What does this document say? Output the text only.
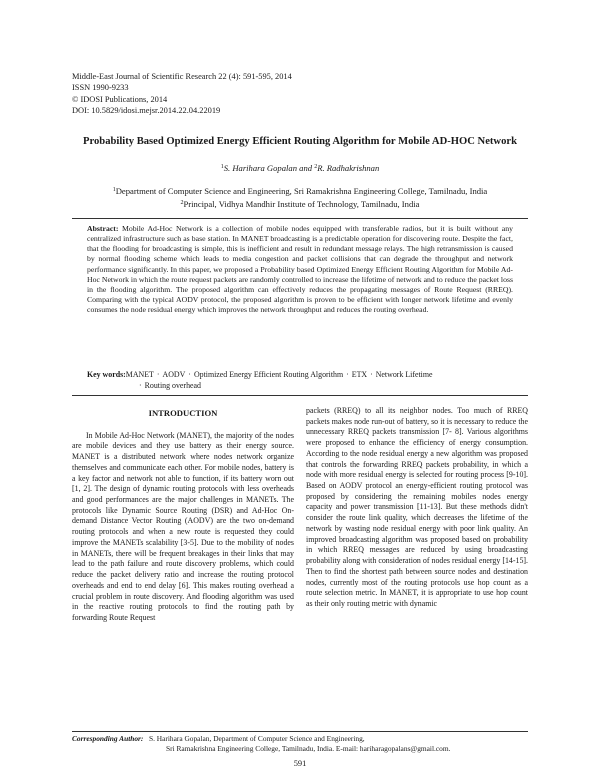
Middle-East Journal of Scientific Research 22 (4): 591-595, 2014
ISSN 1990-9233
© IDOSI Publications, 2014
DOI: 10.5829/idosi.mejsr.2014.22.04.22019
Probability Based Optimized Energy Efficient Routing Algorithm for Mobile AD-HOC Network
$^1$S. Harihara Gopalan and $^2$R. Radhakrishnan
$^1$Department of Computer Science and Engineering, Sri Ramakrishna Engineering College, Tamilnadu, India
$^2$Principal, Vidhya Mandhir Institute of Technology, Tamilnadu, India
Abstract: Mobile Ad-Hoc Network is a collection of mobile nodes equipped with transferable radios, but it is built without any centralized infrastructure such as base station. In MANET broadcasting is a predictable operation for discovering route. Despite the fact, that the flooding for broadcasting is simple, this is inefficient and result in redundant message relays. The high retransmission is caused by normal flooding scheme which leads to media congestion and packet collisions that can degrade the throughput and network performance significantly. In this paper, we proposed a Probability based Optimized Energy Efficient Routing Algorithm for Mobile Ad-Hoc Network in which the route request packets are randomly controlled to increase the lifetime of network and to reduce the packet loss in the flooding algorithm. The proposed algorithm can effectively reduces the propagating messages of Route Request (RREQ). Comparing with the typical AODV protocol, the proposed algorithm is proven to be efficient with longer network lifetime and evenly consumes the node residual energy which improves the network throughput and reduces the routing overhead.
Key words:MANET · AODV · Optimized Energy Efficient Routing Algorithm · ETX · Network Lifetime
· Routing overhead
INTRODUCTION

In Mobile Ad-Hoc Network (MANET), the majority of the nodes are mobile devices and they use battery as their energy source. MANET is a distributed network where nodes network organize themselves and communicate each other. For mobile nodes, battery is a key factor and network not able to function, if its battery worn out [1, 2]. The design of dynamic routing protocols with less overheads and good performances are the major challenges in MANETs. The protocols like Dynamic Source Routing (DSR) and Ad-Hoc On-demand Distance Vector Routing (AODV) are the two on-demand routing protocols and when a new route is requested they could improve the MANETs scalability [3-5]. Due to the mobility of nodes in MANETs, there will be frequent breakages in their links that may lead to the path failure and route discovery problems, which could reduce the packet delivery ratio and increase the routing protocol overheads and end to end delay [6]. This makes routing overhead a crucial problem in route discovery. And flooding algorithm was used in the reactive routing protocols to find the routing path by forwarding Route Request

packets (RREQ) to all its neighbor nodes. Too much of RREQ packets makes node run-out of battery, so it is necessary to reduce the unnecessary RREQ packets transmission [7- 8]. Various algorithms were proposed to enhance the efficiency of energy consumption. According to the node residual energy a new algorithm was proposed that controls the forwarding RREQ packets probability, in which a node with more residual energy is selected for routing process [9-10]. Based on AODV protocol an energy-efficient routing protocol was proposed by considering the remaining mobiles nodes energy capacity and power transmission [11-13]. But these methods didn't consider the route link quality, which decreases the lifetime of the network by wasting node residual energy with poor link quality. An improved broadcasting algorithm was proposed based on probability in which RREQ messages are reduced by using broadcasting probability along with consideration of nodes residual energy [14-15]. Then to find the shortest path between source nodes and destination nodes, currently most of the routing protocols use hop count as a route selection metric. In MANET, it is appropriate to use hop count as their only routing metric with dynamic

Corresponding Author: S. Harihara Gopalan, Department of Computer Science and Engineering,
Sri Ramakrishna Engineering College, Tamilnadu, India. E-mail: hariharagopalans@gmail.com.
591
